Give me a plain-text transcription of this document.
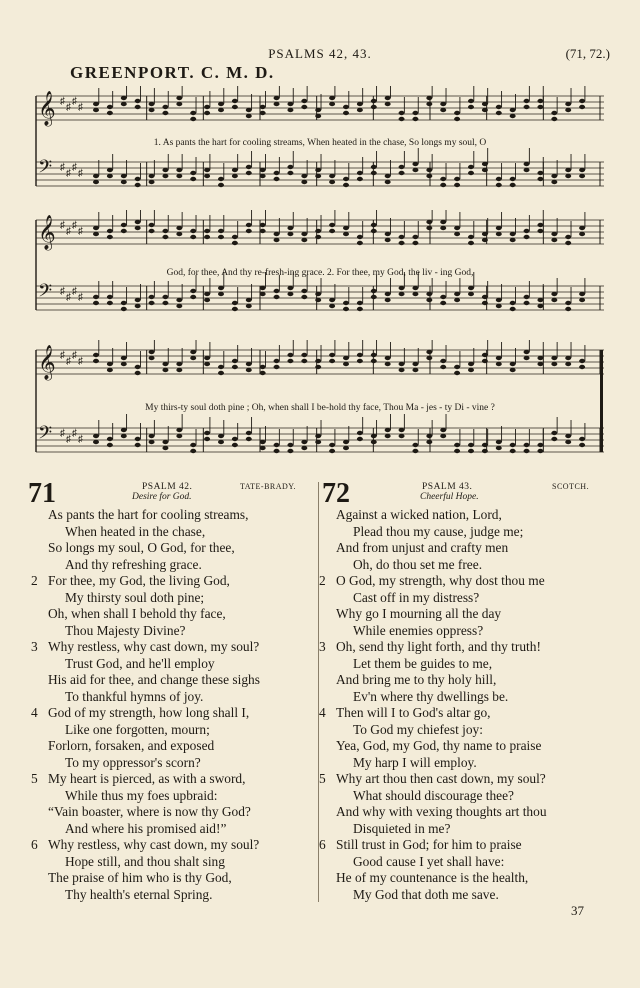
PSALMS 42, 43.	(71, 72.)
GREENPORT. C. M. D.
𝄞 ♯
♯
♯
♯
𝄢 ♯
♯
♯
♯
1. As pants the hart for cooling streams, When heated in the chase, So longs my soul, O
𝄞 ♯
♯
♯
♯
𝄢 ♯
♯
♯
♯
God, for thee, And thy re-fresh-ing grace. 2. For thee, my God, the liv - ing God,
𝄞 ♯
♯
♯
♯
𝄢 ♯
♯
♯
♯
My thirs-ty soul doth pine ; Oh, when shall I be-hold thy face, Thou Ma - jes - ty Di - vine ?
71	PSALM 42.	TATE-BRADY.
Desire for God.
As pants the hart for cooling streams,
When heated in the chase,
So longs my soul, O God, for thee,
And thy refreshing grace.
2 For thee, my God, the living God,
My thirsty soul doth pine;
Oh, when shall I behold thy face,
Thou Majesty Divine?
3 Why restless, why cast down, my soul?
Trust God, and he'll employ
His aid for thee, and change these sighs
To thankful hymns of joy.
4 God of my strength, how long shall I,
Like one forgotten, mourn;
Forlorn, forsaken, and exposed
To my oppressor's scorn?
5 My heart is pierced, as with a sword,
While thus my foes upbraid:
“Vain boaster, where is now thy God?
And where his promised aid!”
6 Why restless, why cast down, my soul?
Hope still, and thou shalt sing
The praise of him who is thy God,
Thy health's eternal Spring.
72	PSALM 43.	SCOTCH.
Cheerful Hope.
Against a wicked nation, Lord,
Plead thou my cause, judge me;
And from unjust and crafty men
Oh, do thou set me free.
2 O God, my strength, why dost thou me
Cast off in my distress?
Why go I mourning all the day
While enemies oppress?
3 Oh, send thy light forth, and thy truth!
Let them be guides to me,
And bring me to thy holy hill,
Ev'n where thy dwellings be.
4 Then will I to God's altar go,
To God my chiefest joy:
Yea, God, my God, thy name to praise
My harp I will employ.
5 Why art thou then cast down, my soul?
What should discourage thee?
And why with vexing thoughts art thou
Disquieted in me?
6 Still trust in God; for him to praise
Good cause I yet shall have:
He of my countenance is the health,
My God that doth me save.
37
